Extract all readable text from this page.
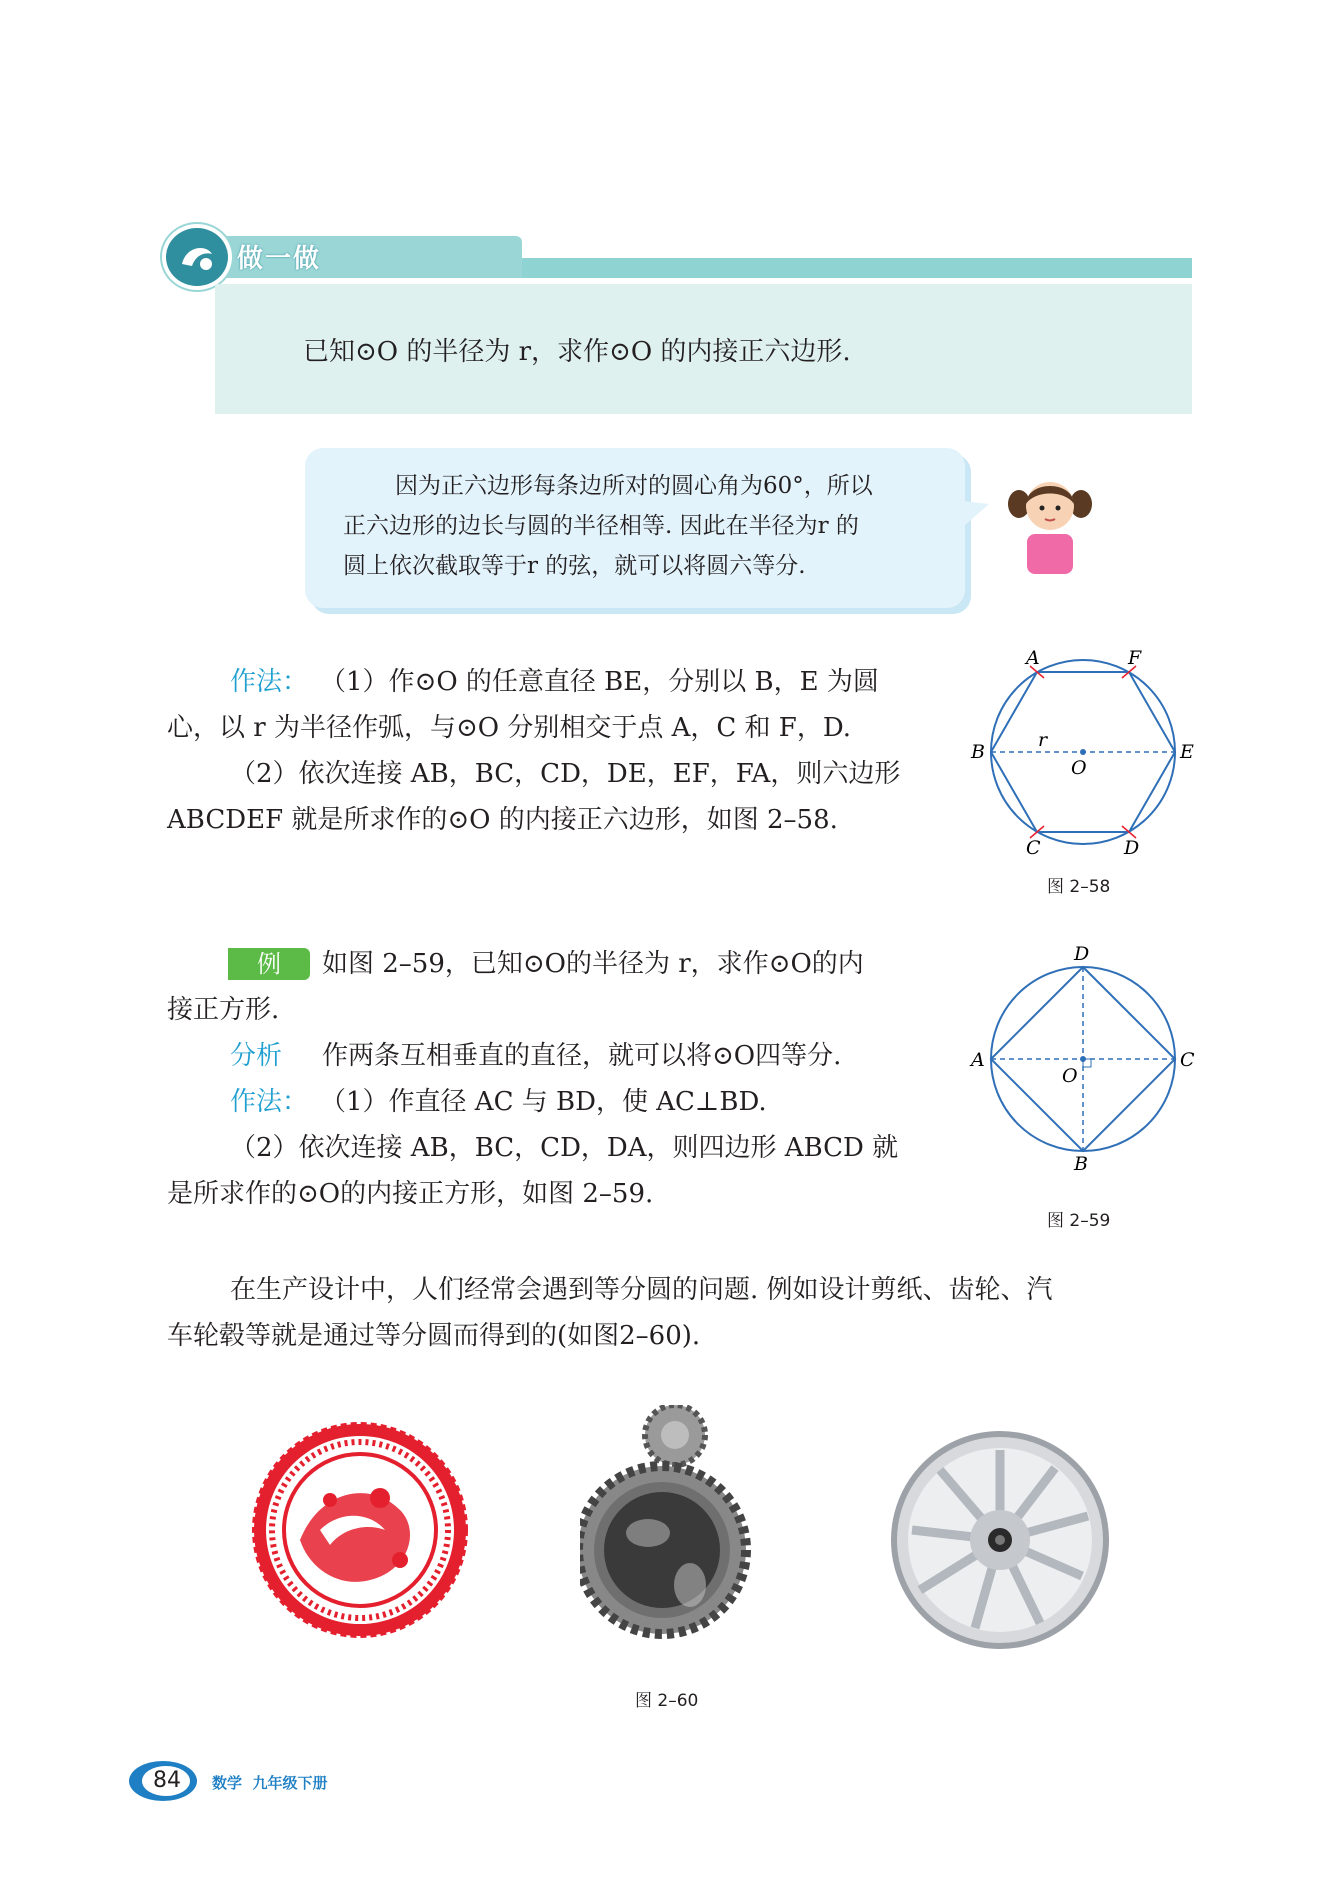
做一做
已知⊙O 的半径为 r，求作⊙O 的内接正六边形.
因为正六边形每条边所对的圆心角为60°，所以
正六边形的边长与圆的半径相等. 因此在半径为r 的
圆上依次截取等于r 的弦，就可以将圆六等分.
作法： （1）作⊙O 的任意直径 BE，分别以 B，E 为圆
心，以 r 为半径作弧，与⊙O 分别相交于点 A，C 和 F，D.
（2）依次连接 AB，BC，CD，DE，EF，FA，则六边形
ABCDEF 就是所求作的⊙O 的内接正六边形，如图 2–58.
A	F
B	E
r
O
C	D
图 2–58
例	如图 2–59，已知⊙O的半径为 r，求作⊙O的内
接正方形.
分析 作两条互相垂直的直径，就可以将⊙O四等分.
作法： （1）作直径 AC 与 BD，使 AC⊥BD.
（2）依次连接 AB，BC，CD，DA，则四边形 ABCD 就
是所求作的⊙O的内接正方形，如图 2–59.
D
A	C
O
B
图 2–59
在生产设计中，人们经常会遇到等分圆的问题. 例如设计剪纸、齿轮、汽
车轮毂等就是通过等分圆而得到的(如图2–60).
图 2–60
84	数学  九年级下册
